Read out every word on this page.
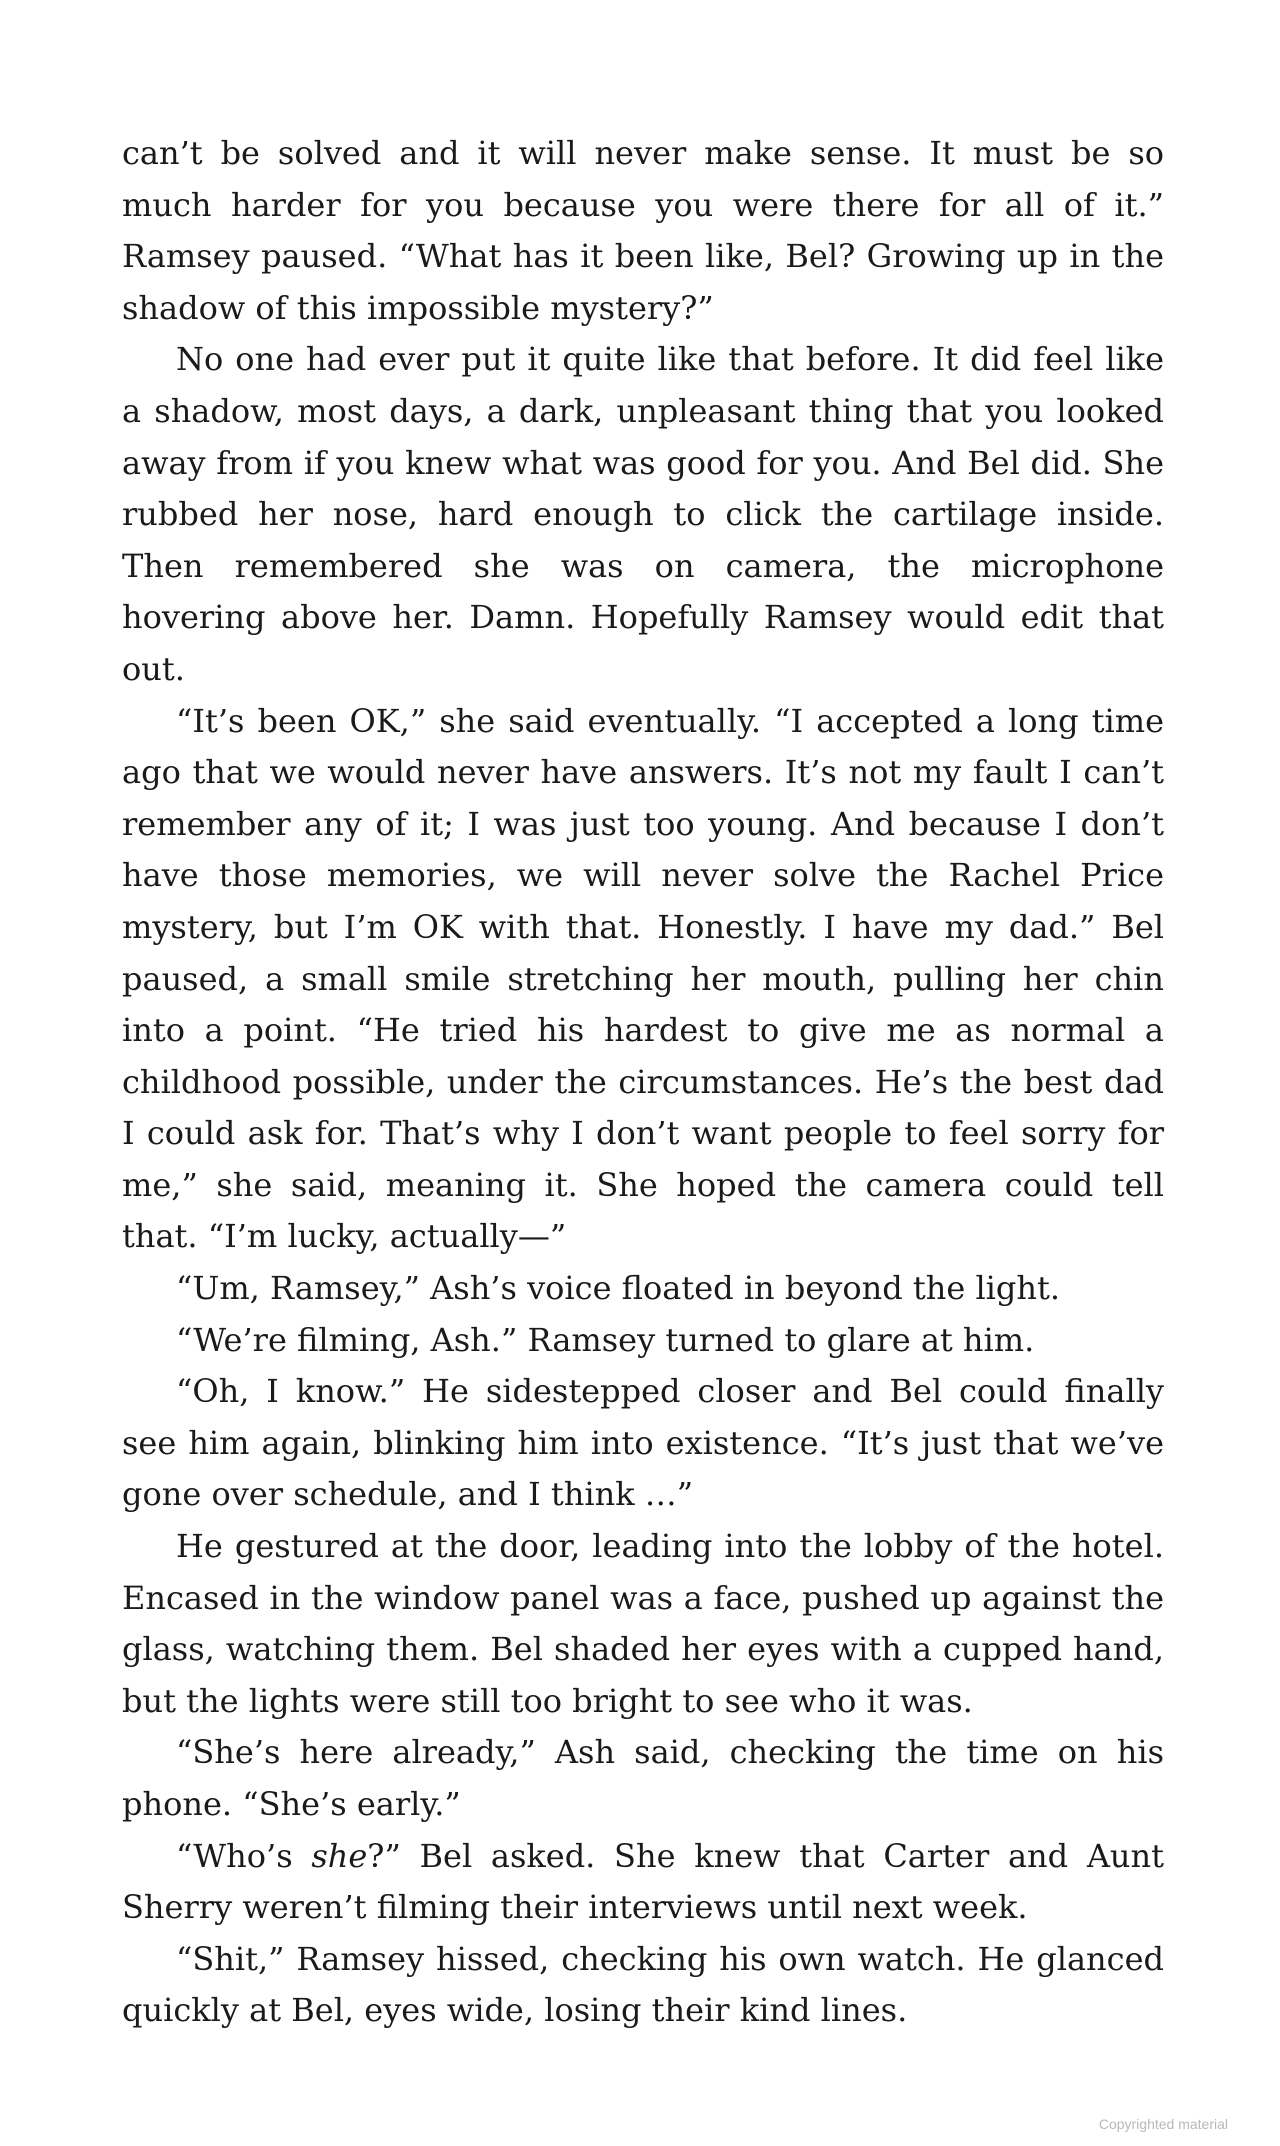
can’t be solved and it will never make sense. It must be so much harder for you because you were there for all of it.” Ramsey paused. “What has it been like, Bel? Growing up in the shadow of this impossible mystery?”

No one had ever put it quite like that before. It did feel like a shadow, most days, a dark, unpleasant thing that you looked away from if you knew what was good for you. And Bel did. She rubbed her nose, hard enough to click the cartilage inside. Then remembered she was on camera, the microphone hovering above her. Damn. Hopefully Ramsey would edit that out.

“It’s been OK,” she said eventually. “I accepted a long time ago that we would never have answers. It’s not my fault I can’t remember any of it; I was just too young. And because I don’t have those memories, we will never solve the Rachel Price mystery, but I’m OK with that. Honestly. I have my dad.” Bel paused, a small smile stretching her mouth, pulling her chin into a point. “He tried his hardest to give me as normal a childhood possible, under the circumstances. He’s the best dad I could ask for. That’s why I don’t want people to feel sorry for me,” she said, meaning it. She hoped the camera could tell that. “I’m lucky, actually—”

“Um, Ramsey,” Ash’s voice floated in beyond the light.

“We’re filming, Ash.” Ramsey turned to glare at him.

“Oh, I know.” He sidestepped closer and Bel could finally see him again, blinking him into existence. “It’s just that we’ve gone over schedule, and I think …”

He gestured at the door, leading into the lobby of the hotel. Encased in the window panel was a face, pushed up against the glass, watching them. Bel shaded her eyes with a cupped hand, but the lights were still too bright to see who it was.

“She’s here already,” Ash said, checking the time on his phone. “She’s early.”

“Who’s she?” Bel asked. She knew that Carter and Aunt Sherry weren’t filming their interviews until next week.

“Shit,” Ramsey hissed, checking his own watch. He glanced quickly at Bel, eyes wide, losing their kind lines.

Copyrighted material
